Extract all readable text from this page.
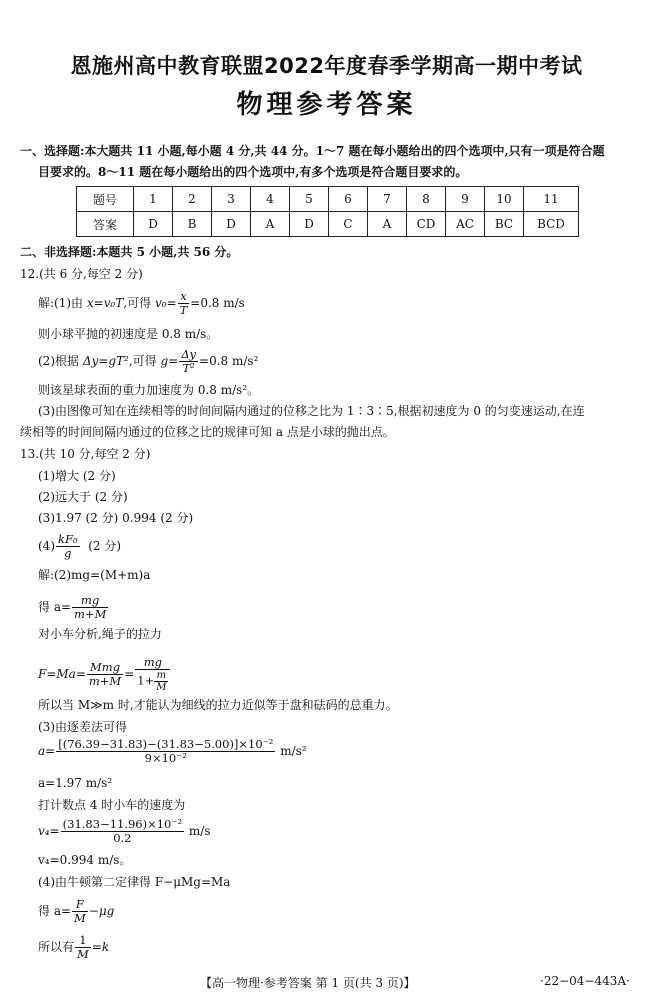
恩施州高中教育联盟2022年度春季学期高一期中考试
物理参考答案
一、选择题:本大题共 11 小题,每小题 4 分,共 44 分。1～7 题在每小题给出的四个选项中,只有一项是符合题
目要求的。8～11 题在每小题给出的四个选项中,有多个选项是符合题目要求的。
题号	1	2	3	4	5	6	7	8	9	10	11
答案	D	B	D	A	D	C	A	CD	AC	BC	BCD
二、非选择题:本题共 5 小题,共 56 分。
12.(共 6 分,每空 2 分)
解:(1)由 x=v₀T,可得 $v_0= \frac{x}{T} =0.8$ m/s
则小球平抛的初速度是 0.8 m/s。
(2)根据 Δy=gT²,可得 $g= \frac{\Delta y}{\text{T²}} =0.8$ m/s²
则该星球表面的重力加速度为 0.8 m/s²。
(3)由图像可知在连续相等的时间间隔内通过的位移之比为 1∶3∶5,根据初速度为 0 的匀变速运动,在连
续相等的时间间隔内通过的位移之比的规律可知 a 点是小球的抛出点。
13.(共 10 分,每空 2 分)
(1)增大 (2 分)
(2)远大于 (2 分)
(3)1.97 (2 分) 0.994 (2 分)
$(4) \frac{\text{kF₀}}{g} (2$ 分)
解:(2)mg=(M+m)a
得 $a= \frac{mg}{m+M}$
对小车分析,绳子的拉力
$F=Ma= \frac{\text{Mmg}}{m+M} = \frac{mg}{1+ \frac{m}{M}}$
所以当 M≫m 时,才能认为细线的拉力近似等于盘和砝码的总重力。
(3)由逐差法可得
$a= \frac{\text{[(76.39−31.83)−(31.83−5.00)]×10⁻²}}{\text{9×10⁻²}} m/s^2$
a=1.97 m/s²
打计数点 4 时小车的速度为
$v_4= \frac{\text{(31.83−11.96)×10⁻²}}{0.2} m/s$
v₄=0.994 m/s。
(4)由牛顿第二定律得 F−μMg=Ma
得 $a= \frac{F}{M} -\mu g$
所以有 $\frac{1}{M} =k$
【高一物理·参考答案 第 1 页(共 3 页)】	·22−04−443A·
